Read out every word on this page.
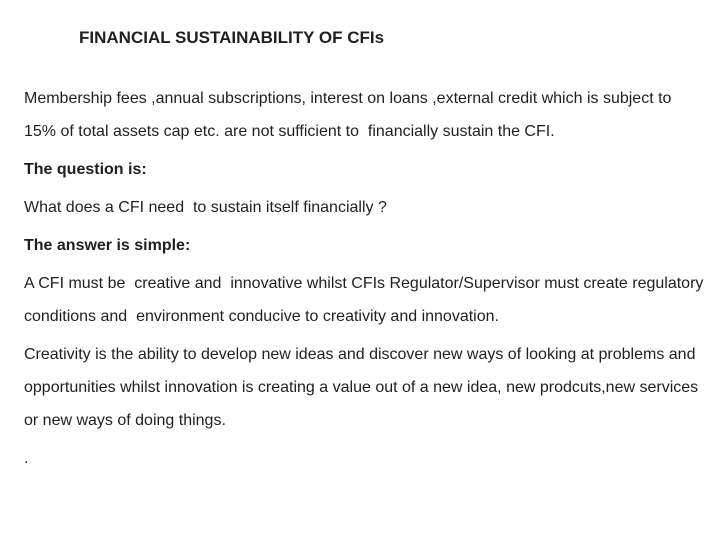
FINANCIAL SUSTAINABILITY OF CFIs

Membership fees ,annual subscriptions, interest on loans ,external credit which is subject to 15% of total assets cap etc. are not sufficient to  financially sustain the CFI.

The question is:

What does a CFI need  to sustain itself financially ?

The answer is simple:

A CFI must be  creative and  innovative whilst CFIs Regulator/Supervisor must create regulatory conditions and  environment conducive to creativity and innovation.

Creativity is the ability to develop new ideas and discover new ways of looking at problems and opportunities whilst innovation is creating a value out of a new idea, new prodcuts,new services  or new ways of doing things.

.
